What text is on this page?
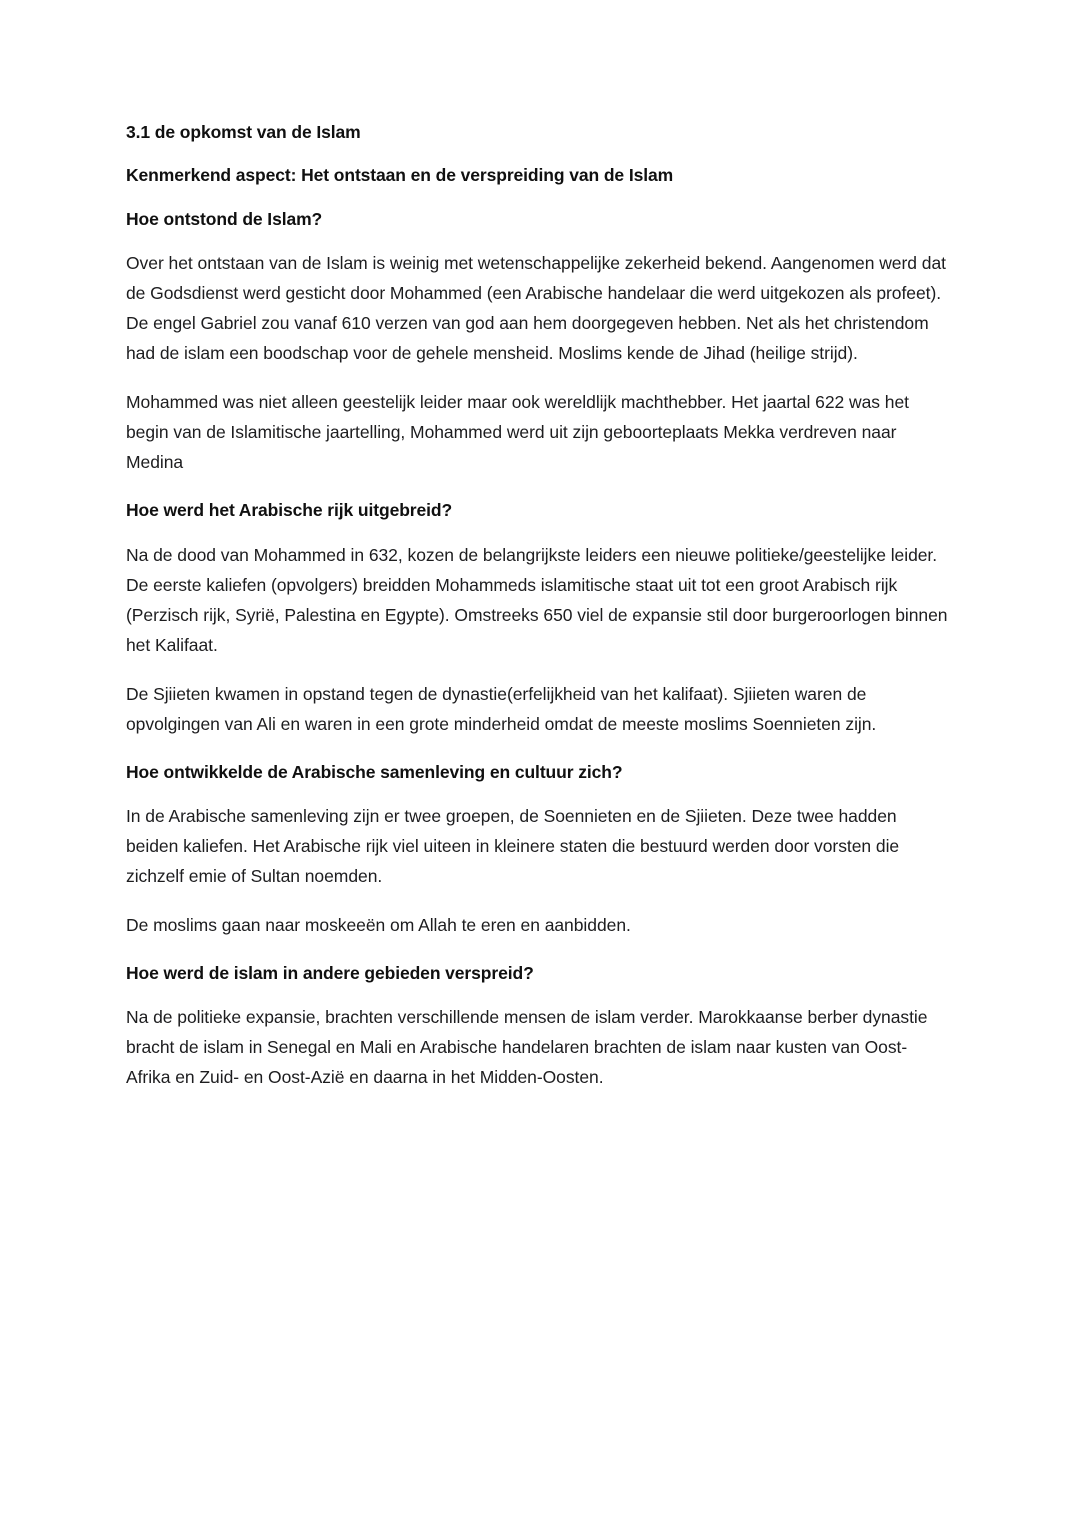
3.1 de opkomst van de Islam
Kenmerkend aspect: Het ontstaan en de verspreiding van de Islam
Hoe ontstond de Islam?

Over het ontstaan van de Islam is weinig met wetenschappelijke zekerheid bekend. Aangenomen werd dat de Godsdienst werd gesticht door Mohammed (een Arabische handelaar die werd uitgekozen als profeet). De engel Gabriel zou vanaf 610 verzen van god aan hem doorgegeven hebben. Net als het christendom had de islam een boodschap voor de gehele mensheid. Moslims kende de Jihad (heilige strijd).

Mohammed was niet alleen geestelijk leider maar ook wereldlijk machthebber. Het jaartal 622 was het begin van de Islamitische jaartelling, Mohammed werd uit zijn geboorteplaats Mekka verdreven naar Medina

Hoe werd het Arabische rijk uitgebreid?

Na de dood van Mohammed in 632, kozen de belangrijkste leiders een nieuwe politieke/geestelijke leider. De eerste kaliefen (opvolgers) breidden Mohammeds islamitische staat uit tot een groot Arabisch rijk (Perzisch rijk, Syrië, Palestina en Egypte). Omstreeks 650 viel de expansie stil door burgeroorlogen binnen het Kalifaat.

De Sjiieten kwamen in opstand tegen de dynastie(erfelijkheid van het kalifaat). Sjiieten waren de opvolgingen van Ali en waren in een grote minderheid omdat de meeste moslims Soennieten zijn.

Hoe ontwikkelde de Arabische samenleving en cultuur zich?

In de Arabische samenleving zijn er twee groepen, de Soennieten en de Sjiieten. Deze twee hadden beiden kaliefen. Het Arabische rijk viel uiteen in kleinere staten die bestuurd werden door vorsten die zichzelf emie of Sultan noemden.

De moslims gaan naar moskeeën om Allah te eren en aanbidden.

Hoe werd de islam in andere gebieden verspreid?

Na de politieke expansie, brachten verschillende mensen de islam verder. Marokkaanse berber dynastie bracht de islam in Senegal en Mali en Arabische handelaren brachten de islam naar kusten van Oost-Afrika en Zuid- en Oost-Azië en daarna in het Midden-Oosten.
